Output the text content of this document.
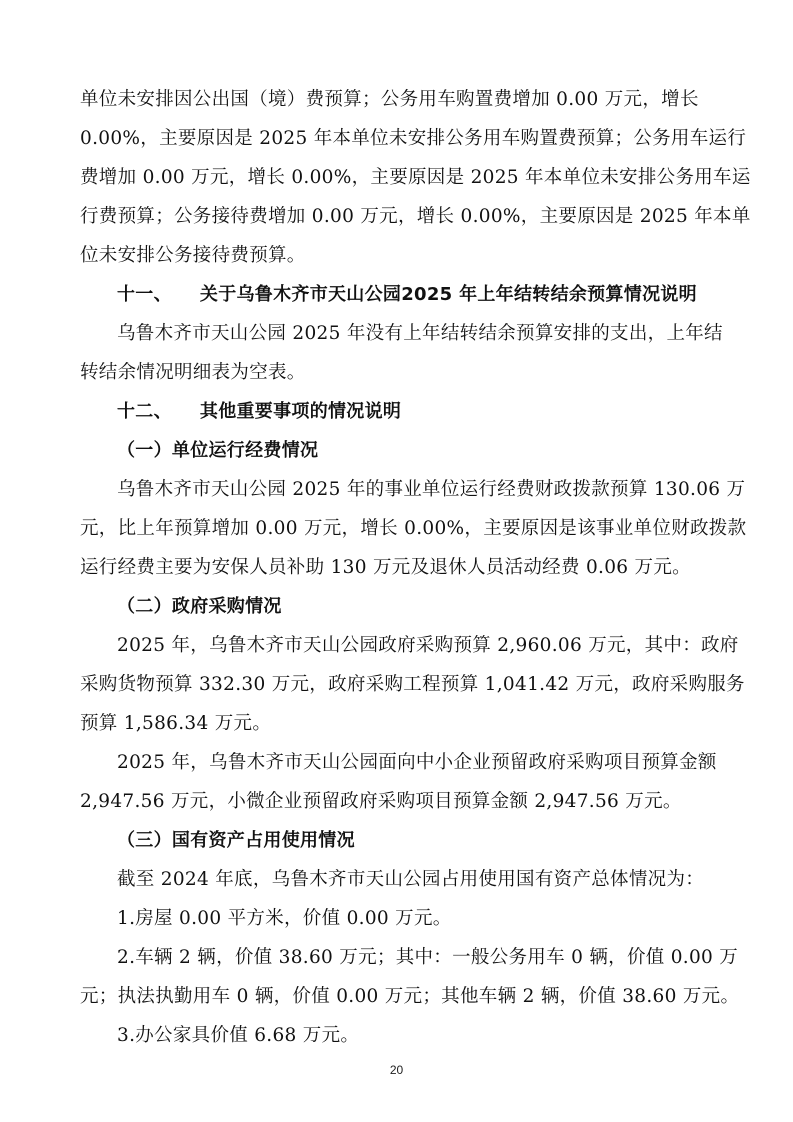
单位未安排因公出国（境）费预算；公务用车购置费增加 0.00 万元，增长
0.00%，主要原因是 2025 年本单位未安排公务用车购置费预算；公务用车运行
费增加 0.00 万元，增长 0.00%，主要原因是 2025 年本单位未安排公务用车运
行费预算；公务接待费增加 0.00 万元，增长 0.00%，主要原因是 2025 年本单
位未安排公务接待费预算。
十一、 关于乌鲁木齐市天山公园2025 年上年结转结余预算情况说明
乌鲁木齐市天山公园 2025 年没有上年结转结余预算安排的支出，上年结
转结余情况明细表为空表。
十二、 其他重要事项的情况说明
（一）单位运行经费情况
乌鲁木齐市天山公园 2025 年的事业单位运行经费财政拨款预算 130.06 万
元，比上年预算增加 0.00 万元，增长 0.00%，主要原因是该事业单位财政拨款
运行经费主要为安保人员补助 130 万元及退休人员活动经费 0.06 万元。
（二）政府采购情况
2025 年，乌鲁木齐市天山公园政府采购预算 2,960.06 万元，其中：政府
采购货物预算 332.30 万元，政府采购工程预算 1,041.42 万元，政府采购服务
预算 1,586.34 万元。
2025 年，乌鲁木齐市天山公园面向中小企业预留政府采购项目预算金额
2,947.56 万元，小微企业预留政府采购项目预算金额 2,947.56 万元。
（三）国有资产占用使用情况
截至 2024 年底，乌鲁木齐市天山公园占用使用国有资产总体情况为：
1.房屋 0.00 平方米，价值 0.00 万元。
2.车辆 2 辆，价值 38.60 万元；其中：一般公务用车 0 辆，价值 0.00 万
元；执法执勤用车 0 辆，价值 0.00 万元；其他车辆 2 辆，价值 38.60 万元。
3.办公家具价值 6.68 万元。
20
